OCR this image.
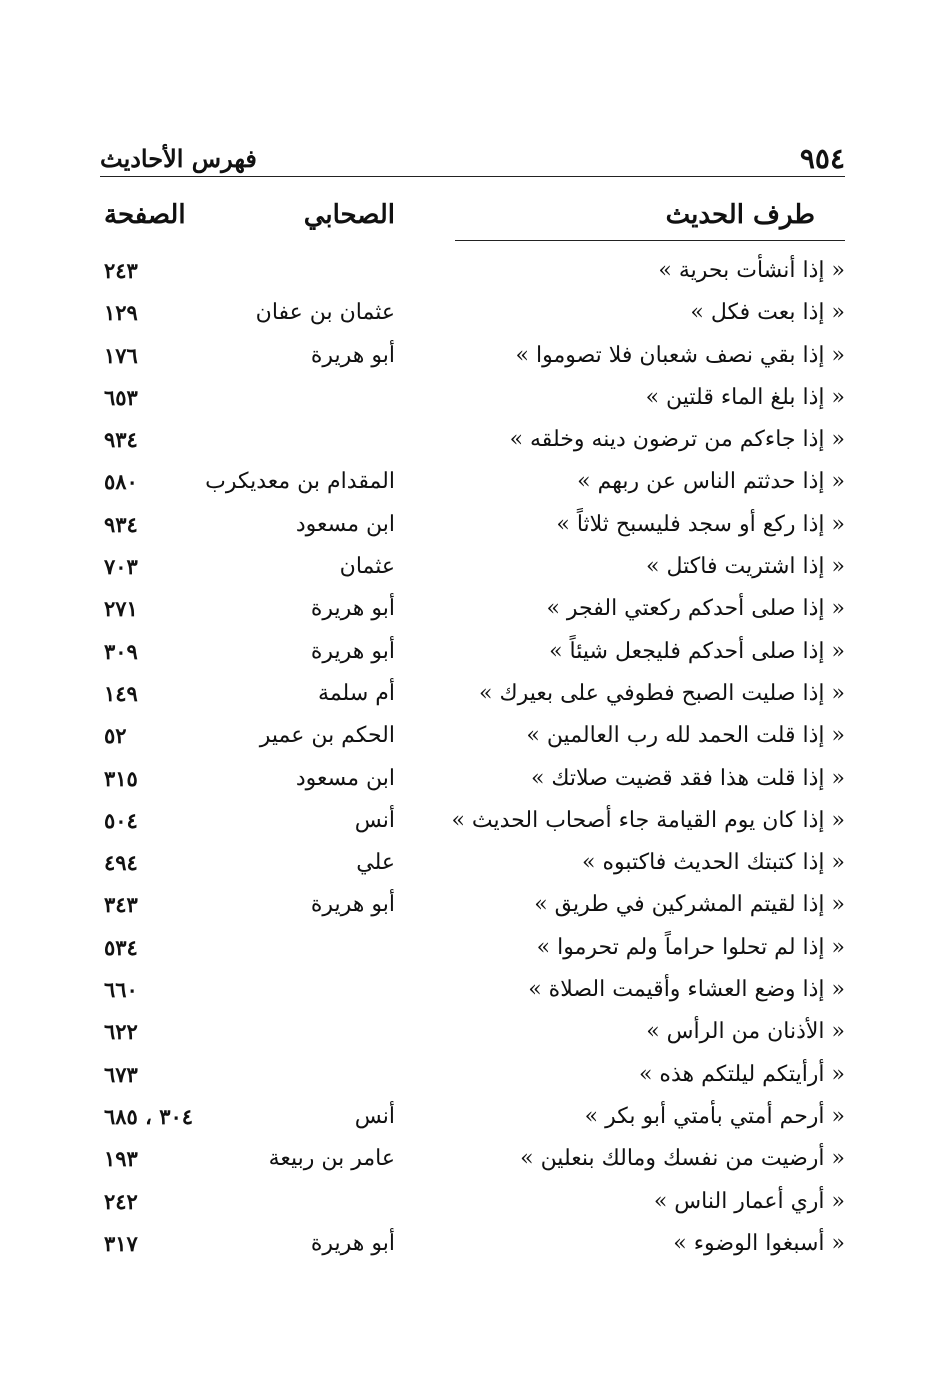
فهرس الأحاديث	٩٥٤
طرف الحديث
الصحابي
الصفحة
« إذا أنشأت بحرية »
٢٤٣
« إذا بعت فكل »
عثمان بن عفان
١٢٩
« إذا بقي نصف شعبان فلا تصوموا »
أبو هريرة
١٧٦
« إذا بلغ الماء قلتين »
٦٥٣
« إذا جاءكم من ترضون دينه وخلقه »
٩٣٤
« إذا حدثتم الناس عن ربهم »
المقدام بن معديكرب
٥٨٠
« إذا ركع أو سجد فليسبح ثلاثاً »
ابن مسعود
٩٣٤
« إذا اشتريت فاكتل »
عثمان
٧٠٣
« إذا صلى أحدكم ركعتي الفجر »
أبو هريرة
٢٧١
« إذا صلى أحدكم فليجعل شيئاً »
أبو هريرة
٣٠٩
« إذا صليت الصبح فطوفي على بعيرك »
أم سلمة
١٤٩
« إذا قلت الحمد لله رب العالمين »
الحكم بن عمير
٥٢
« إذا قلت هذا فقد قضيت صلاتك »
ابن مسعود
٣١٥
« إذا كان يوم القيامة جاء أصحاب الحديث »
أنس
٥٠٤
« إذا كتبتك الحديث فاكتبوه »
علي
٤٩٤
« إذا لقيتم المشركين في طريق »
أبو هريرة
٣٤٣
« إذا لم تحلوا حراماً ولم تحرموا »
٥٣٤
« إذا وضع العشاء وأقيمت الصلاة »
٦٦٠
« الأذنان من الرأس »
٦٢٢
« أرأيتكم ليلتكم هذه »
٦٧٣
« أرحم أمتي بأمتي أبو بكر »
أنس
٣٠٤ ، ٦٨٥
« أرضيت من نفسك ومالك بنعلين »
عامر بن ربيعة
١٩٣
« أري أعمار الناس »
٢٤٢
« أسبغوا الوضوء »
أبو هريرة
٣١٧
